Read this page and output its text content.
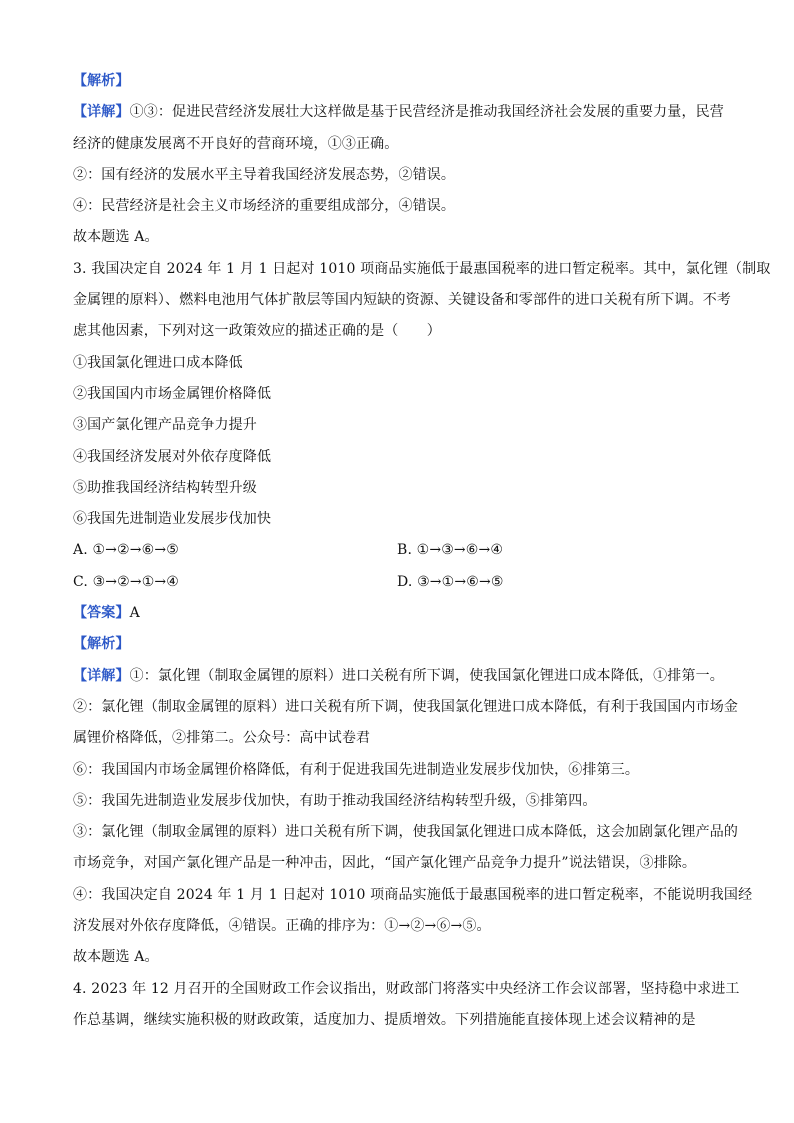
【解析】
【详解】①③：促进民营经济发展壮大这样做是基于民营经济是推动我国经济社会发展的重要力量，民营
经济的健康发展离不开良好的营商环境，①③正确。
②：国有经济的发展水平主导着我国经济发展态势，②错误。
④：民营经济是社会主义市场经济的重要组成部分，④错误。
故本题选 A。
3. 我国决定自 2024 年 1 月 1 日起对 1010 项商品实施低于最惠国税率的进口暂定税率。其中，氯化锂（制取
金属锂的原料）、燃料电池用气体扩散层等国内短缺的资源、关键设备和零部件的进口关税有所下调。不考
虑其他因素，下列对这一政策效应的描述正确的是（　　）
①我国氯化锂进口成本降低
②我国国内市场金属锂价格降低
③国产氯化锂产品竞争力提升
④我国经济发展对外依存度降低
⑤助推我国经济结构转型升级
⑥我国先进制造业发展步伐加快
A. ①→②→⑥→⑤	B. ①→③→⑥→④
C. ③→②→①→④	D. ③→①→⑥→⑤
【答案】A
【解析】
【详解】①：氯化锂（制取金属锂的原料）进口关税有所下调，使我国氯化锂进口成本降低，①排第一。
②：氯化锂（制取金属锂的原料）进口关税有所下调，使我国氯化锂进口成本降低，有利于我国国内市场金
属锂价格降低，②排第二。公众号：高中试卷君
⑥：我国国内市场金属锂价格降低，有利于促进我国先进制造业发展步伐加快，⑥排第三。
⑤：我国先进制造业发展步伐加快，有助于推动我国经济结构转型升级，⑤排第四。
③：氯化锂（制取金属锂的原料）进口关税有所下调，使我国氯化锂进口成本降低，这会加剧氯化锂产品的
市场竞争，对国产氯化锂产品是一种冲击，因此，“国产氯化锂产品竞争力提升”说法错误，③排除。
④：我国决定自 2024 年 1 月 1 日起对 1010 项商品实施低于最惠国税率的进口暂定税率，不能说明我国经
济发展对外依存度降低，④错误。正确的排序为：①→②→⑥→⑤。
故本题选 A。
4. 2023 年 12 月召开的全国财政工作会议指出，财政部门将落实中央经济工作会议部署，坚持稳中求进工
作总基调，继续实施积极的财政政策，适度加力、提质增效。下列措施能直接体现上述会议精神的是
